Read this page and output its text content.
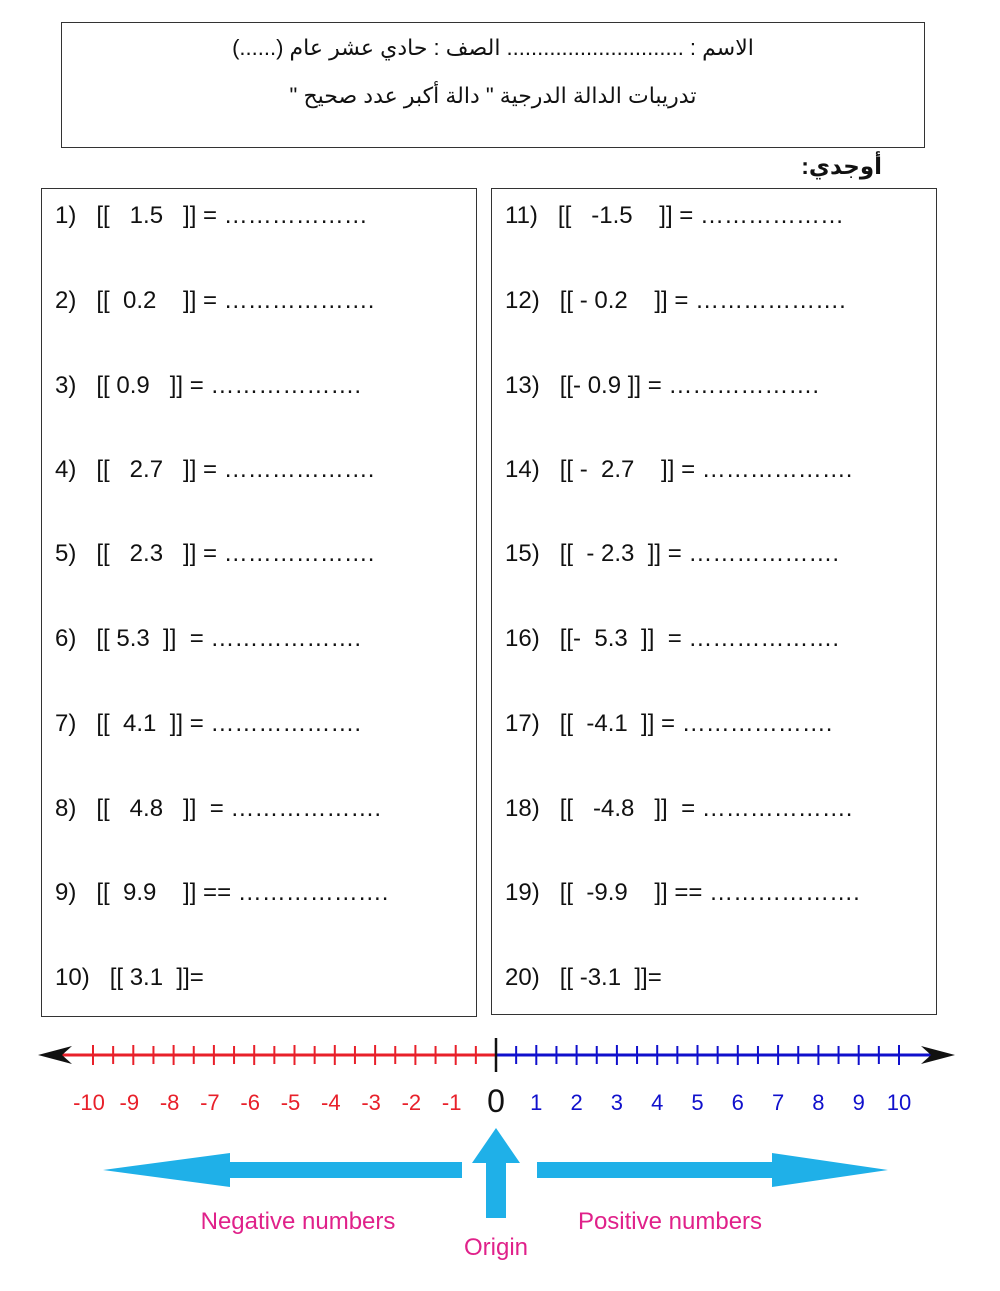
الاسم : ............................. الصف : حادي عشر عام (......)
تدريبات الدالة الدرجية " دالة أكبر عدد صحيح "
أوجدي:
1)   [[   1.5   ]] = ………………
2)   [[  0.2    ]] = ……………….
3)   [[ 0.9   ]] = ……………….
4)   [[   2.7   ]] = ……………….
5)   [[   2.3   ]] = ……………….
6)   [[ 5.3  ]]  = ……………….
7)   [[  4.1  ]] = ……………….
8)   [[   4.8   ]]  = ……………….
9)   [[  9.9    ]] == ……………….
10)   [[ 3.1  ]]=
11)   [[   -1.5    ]] = ………………
12)   [[ - 0.2    ]] = ……………….
13)   [[- 0.9 ]] = ……………….
14)   [[ -  2.7    ]] = ……………….
15)   [[  - 2.3  ]] = ……………….
16)   [[-  5.3  ]]  = ……………….
17)   [[  -4.1  ]] = ……………….
18)   [[   -4.8   ]]  = ……………….
19)   [[  -9.9    ]] == ……………….
20)   [[ -3.1  ]]=
-10 -9 -8 -7 -6 -5 -4 -3 -2 -1 0 1 2 3 4 5 6 7 8 9 10
Negative numbers
Origin
Positive numbers
